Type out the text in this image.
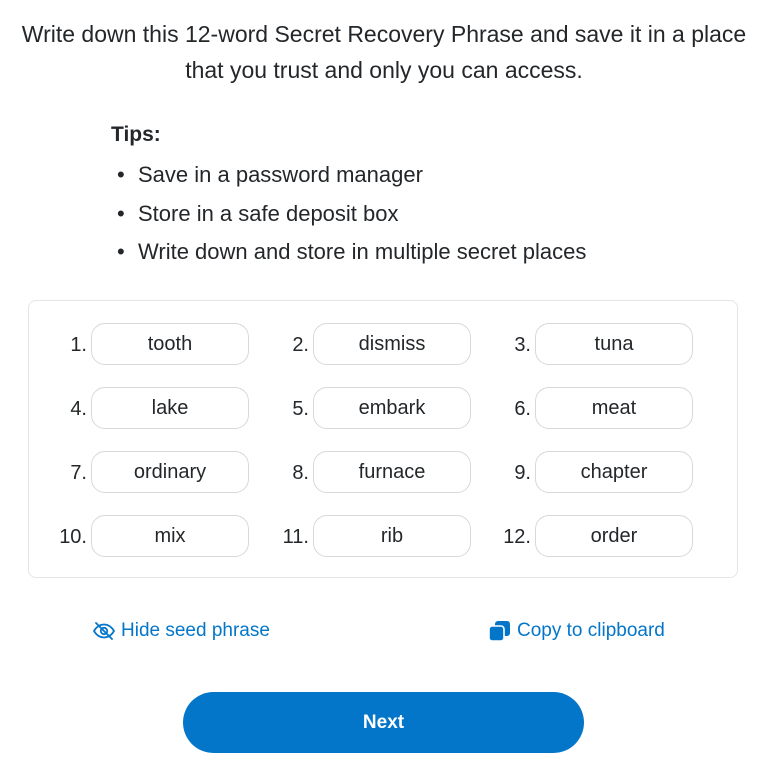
Write down this 12-word Secret Recovery Phrase and save it in a place that you trust and only you can access.
Tips:
• Save in a password manager
• Store in a safe deposit box
• Write down and store in multiple secret places
1.	tooth	2.	dismiss	3.	tuna
4.	lake	5.	embark	6.	meat
7.	ordinary	8.	furnace	9.	chapter
10.	mix	11.	rib	12.	order
Hide seed phrase	Copy to clipboard
Next
